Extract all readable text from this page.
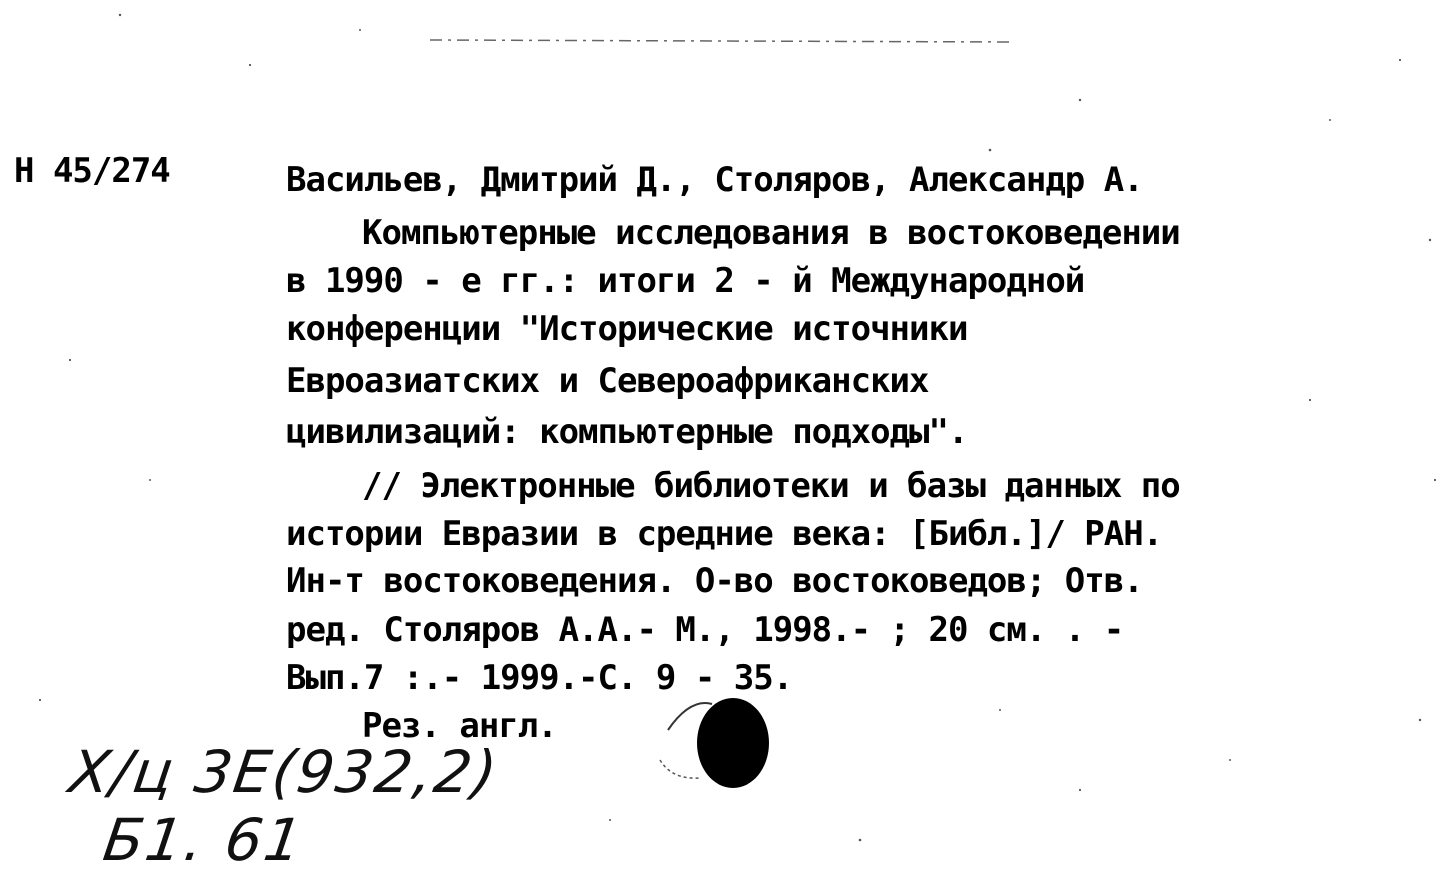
Н 45/274	Васильев, Дмитрий Д., Столяров, Александр А.
Компьютерные исследования в востоковедении
в 1990 - е гг.: итоги 2 - й Международной
конференции "Исторические источники
Евроазиатских и Североафриканских
цивилизаций: компьютерные подходы".
// Электронные библиотеки и базы данных по
истории Евразии в средние века: [Библ.]/ РАН.
Ин-т востоковедения. О-во востоковедов; Отв.
ред. Столяров А.А.- М., 1998.- ; 20 см. . -
Вып.7 :.- 1999.-С. 9 - 35.
Рез. англ.
Х/ц 3Е(932,2)
Б1. 61
